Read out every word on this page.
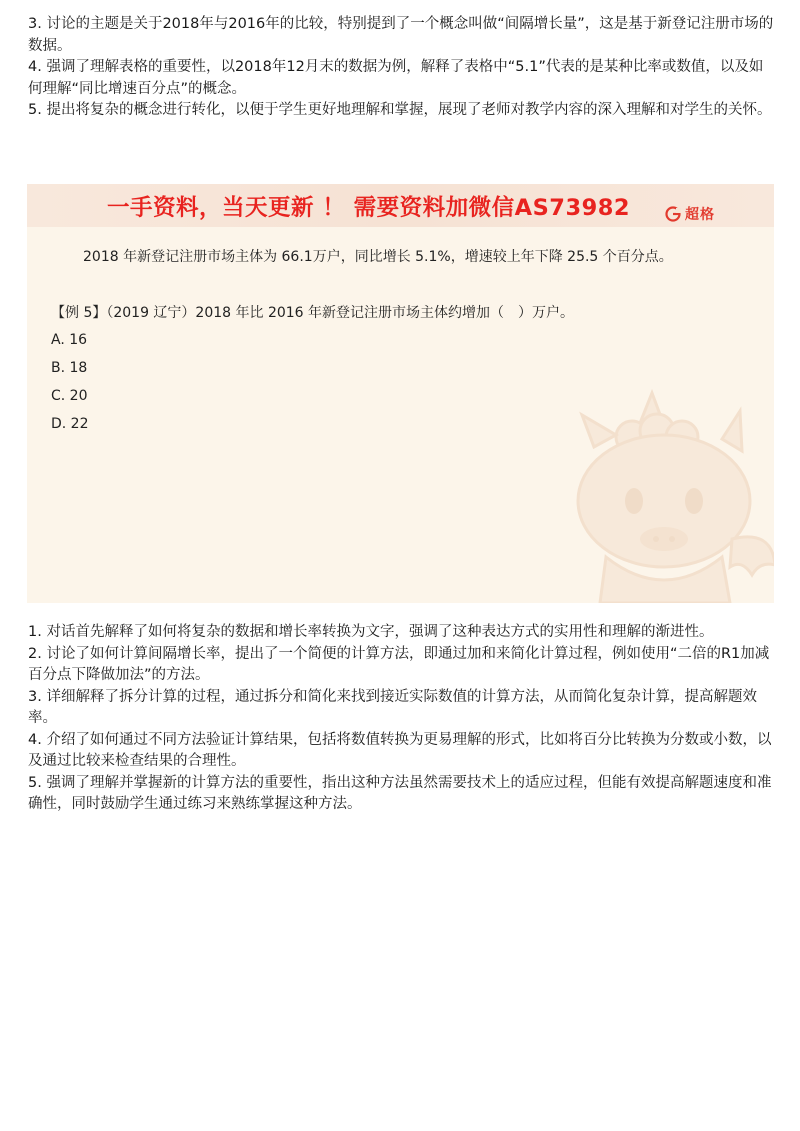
3. 讨论的主题是关于2018年与2016年的比较，特别提到了一个概念叫做“间隔增长量”，这是基于新登记注册市场的数据。

4. 强调了理解表格的重要性，以2018年12月末的数据为例，解释了表格中“5.1”代表的是某种比率或数值，以及如何理解“同比增速百分点”的概念。

5. 提出将复杂的概念进行转化，以便于学生更好地理解和掌握，展现了老师对教学内容的深入理解和对学生的关怀。

一手资料，当天更新 ！ 需要资料加微信AS73982	超格
2018 年新登记注册市场主体为 66.1万户，同比增长 5.1%，增速较上年下降 25.5 个百分点。
【例 5】（2019 辽宁）2018 年比 2016 年新登记注册市场主体约增加（　）万户。
A. 16
B. 18
C. 20
D. 22

1. 对话首先解释了如何将复杂的数据和增长率转换为文字，强调了这种表达方式的实用性和理解的渐进性。

2. 讨论了如何计算间隔增长率，提出了一个简便的计算方法，即通过加和来简化计算过程，例如使用“二倍的R1加减百分点下降做加法”的方法。

3. 详细解释了拆分计算的过程，通过拆分和简化来找到接近实际数值的计算方法，从而简化复杂计算，提高解题效率。

4. 介绍了如何通过不同方法验证计算结果，包括将数值转换为更易理解的形式，比如将百分比转换为分数或小数，以及通过比较来检查结果的合理性。

5. 强调了理解并掌握新的计算方法的重要性，指出这种方法虽然需要技术上的适应过程，但能有效提高解题速度和准确性，同时鼓励学生通过练习来熟练掌握这种方法。
